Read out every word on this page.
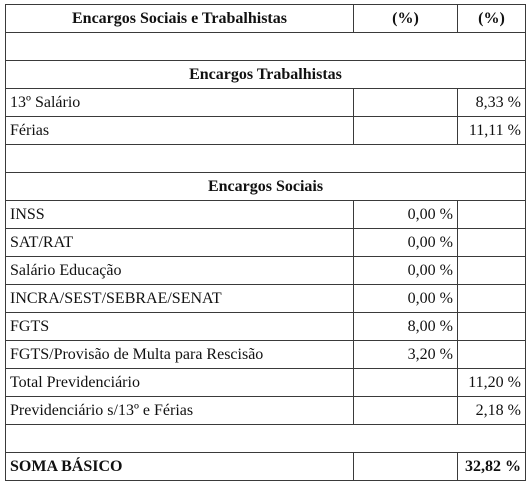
Encargos Sociais e Trabalhistas	(%)	(%)

Encargos Trabalhistas		
13º Salário		8,33 %
Férias		11,11 %

Encargos Sociais		
INSS	0,00 %	
SAT/RAT	0,00 %	
Salário Educação	0,00 %	
INCRA/SEST/SEBRAE/SENAT	0,00 %	
FGTS	8,00 %	
FGTS/Provisão de Multa para Rescisão	3,20 %	
Total Previdenciário		11,20 %
Previdenciário s/13º e Férias		2,18 %

SOMA BÁSICO		32,82 %
